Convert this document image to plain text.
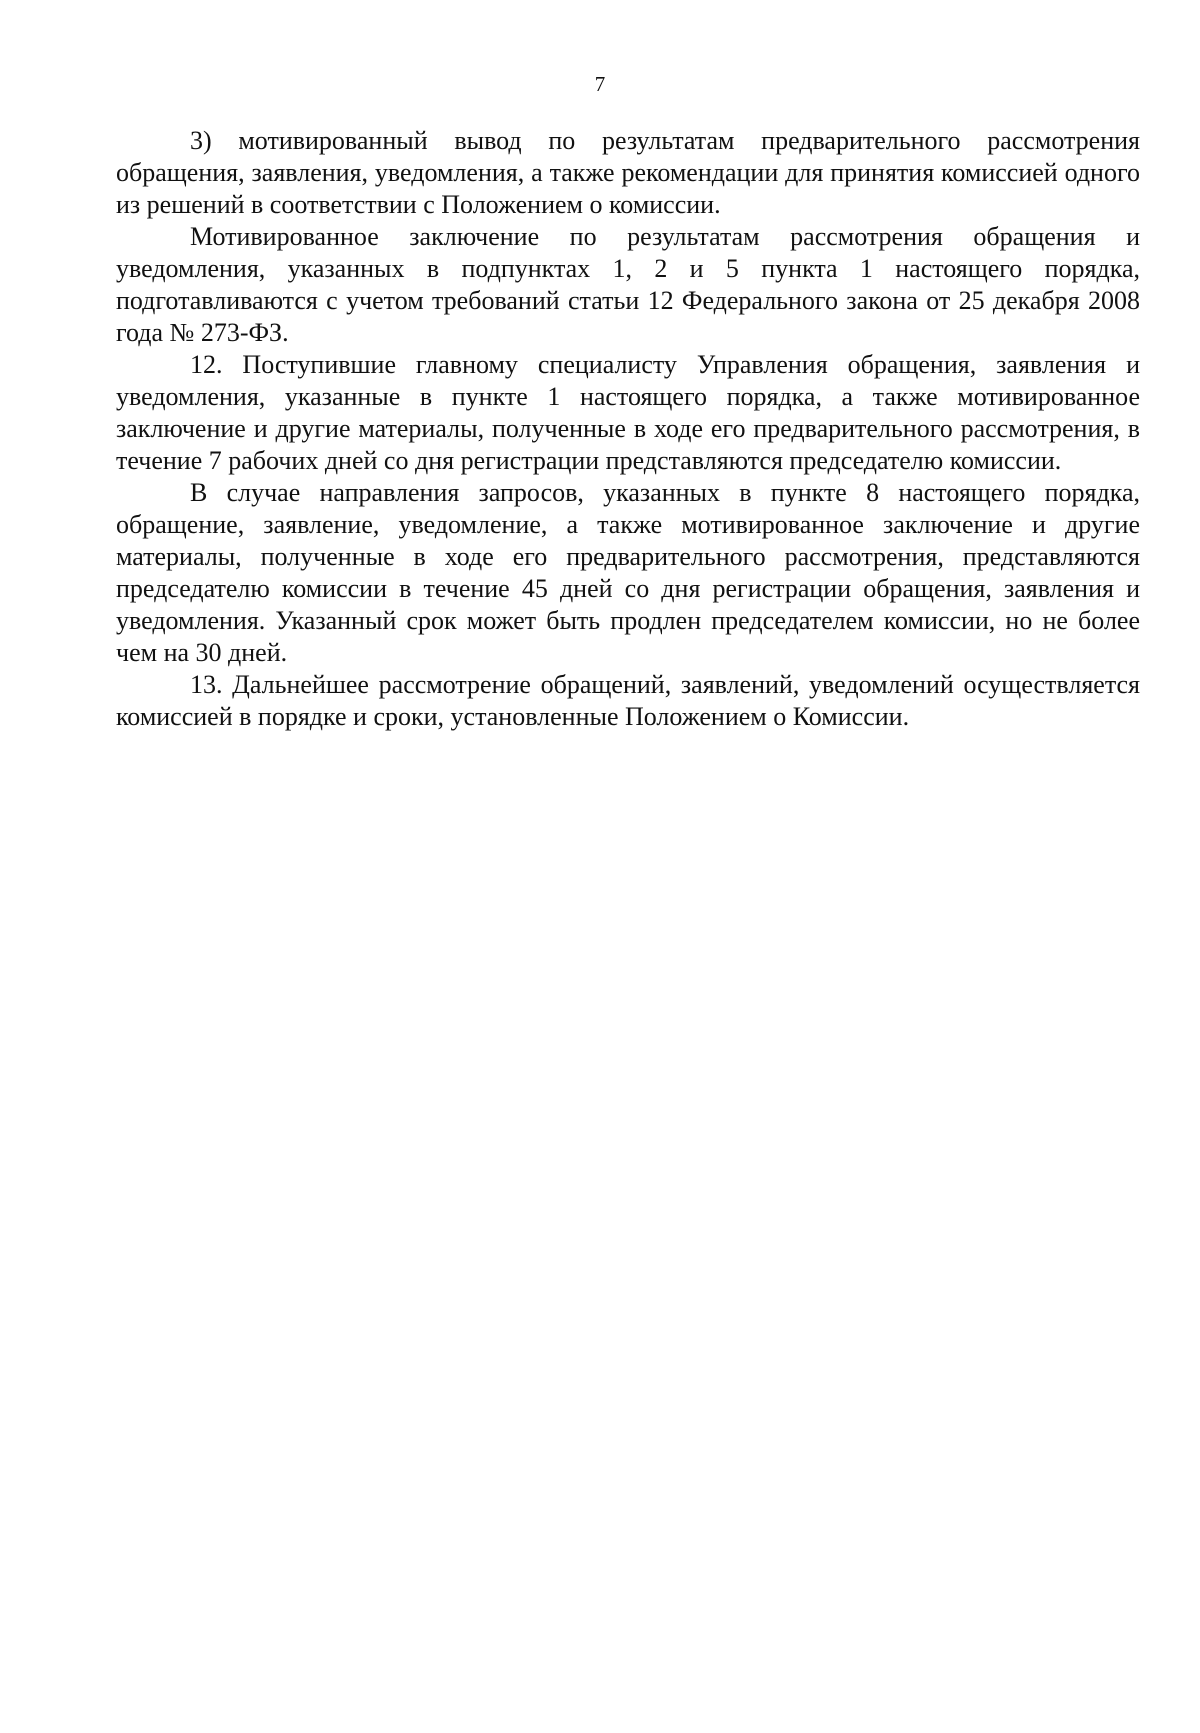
7

3) мотивированный вывод по результатам предварительного рассмотрения обращения, заявления, уведомления, а также рекомендации для принятия комиссией одного из решений в соответствии с Положением о комиссии.

Мотивированное заключение по результатам рассмотрения обращения и уведомления, указанных в подпунктах 1, 2 и 5 пункта 1 настоящего порядка, подготавливаются с учетом требований статьи 12 Федерального закона от 25 декабря 2008 года № 273-ФЗ.

12. Поступившие главному специалисту Управления обращения, заявления и уведомления, указанные в пункте 1 настоящего порядка, а также мотивированное заключение и другие материалы, полученные в ходе его предварительного рассмотрения, в течение 7 рабочих дней со дня регистрации представляются председателю комиссии.

В случае направления запросов, указанных в пункте 8 настоящего порядка, обращение, заявление, уведомление, а также мотивированное заключение и другие материалы, полученные в ходе его предварительного рассмотрения, представляются председателю комиссии в течение 45 дней со дня регистрации обращения, заявления и уведомления. Указанный срок может быть продлен председателем комиссии, но не более чем на 30 дней.

13. Дальнейшее рассмотрение обращений, заявлений, уведомлений осуществляется комиссией в порядке и сроки, установленные Положением о Комиссии.
